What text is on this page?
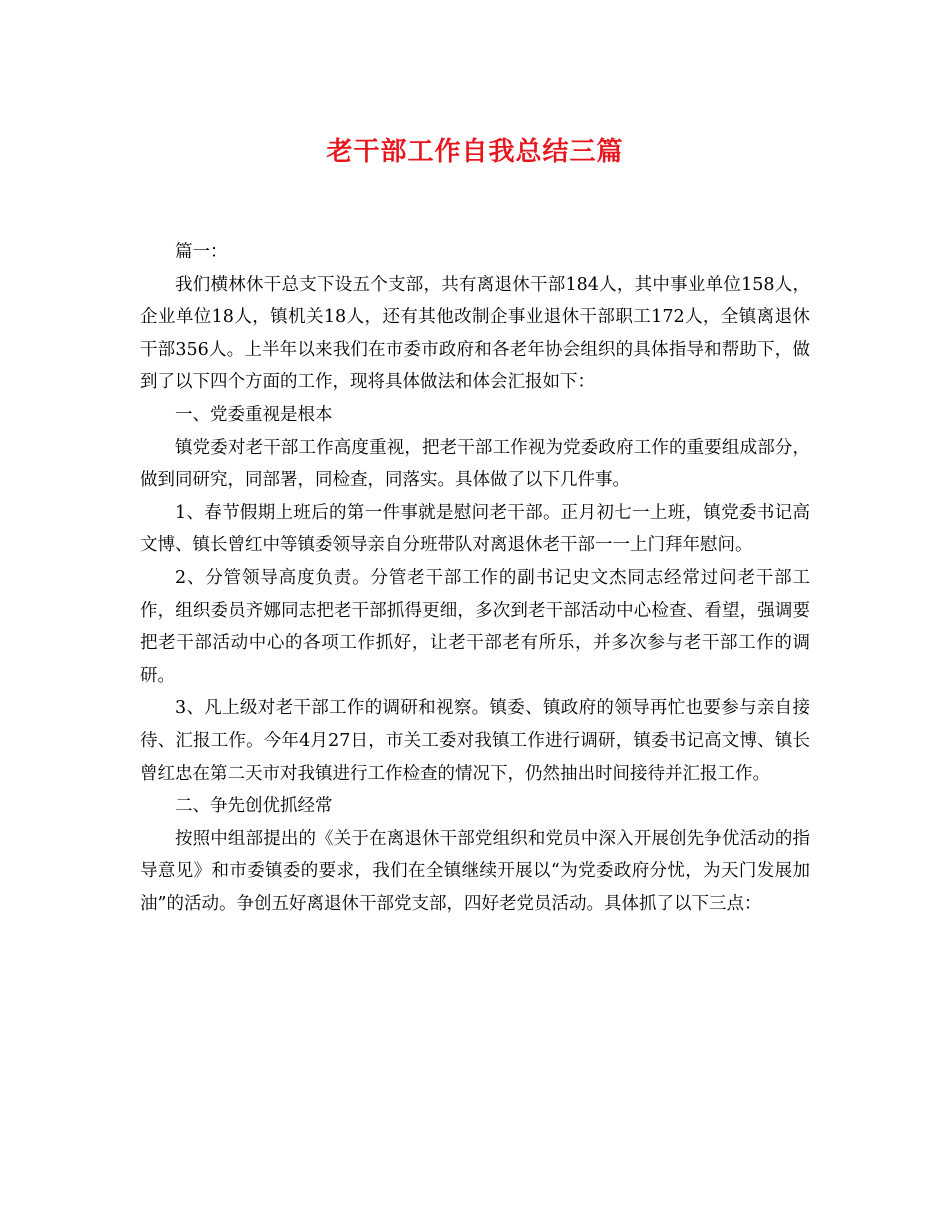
老干部工作自我总结三篇

篇一：

我们横林休干总支下设五个支部，共有离退休干部184人，其中事业单位158人，企业单位18人，镇机关18人，还有其他改制企事业退休干部职工172人，全镇离退休干部356人。上半年以来我们在市委市政府和各老年协会组织的具体指导和帮助下，做到了以下四个方面的工作，现将具体做法和体会汇报如下：

一、党委重视是根本

镇党委对老干部工作高度重视，把老干部工作视为党委政府工作的重要组成部分，做到同研究，同部署，同检查，同落实。具体做了以下几件事。

1、春节假期上班后的第一件事就是慰问老干部。正月初七一上班，镇党委书记高文博、镇长曾红中等镇委领导亲自分班带队对离退休老干部一一上门拜年慰问。

2、分管领导高度负责。分管老干部工作的副书记史文杰同志经常过问老干部工作，组织委员齐娜同志把老干部抓得更细，多次到老干部活动中心检查、看望，强调要把老干部活动中心的各项工作抓好，让老干部老有所乐，并多次参与老干部工作的调研。

3、凡上级对老干部工作的调研和视察。镇委、镇政府的领导再忙也要参与亲自接待、汇报工作。今年4月27日，市关工委对我镇工作进行调研，镇委书记高文博、镇长曾红忠在第二天市对我镇进行工作检查的情况下，仍然抽出时间接待并汇报工作。

二、争先创优抓经常

按照中组部提出的《关于在离退休干部党组织和党员中深入开展创先争优活动的指导意见》和市委镇委的要求，我们在全镇继续开展以“为党委政府分忧，为天门发展加油”的活动。争创五好离退休干部党支部，四好老党员活动。具体抓了以下三点：
